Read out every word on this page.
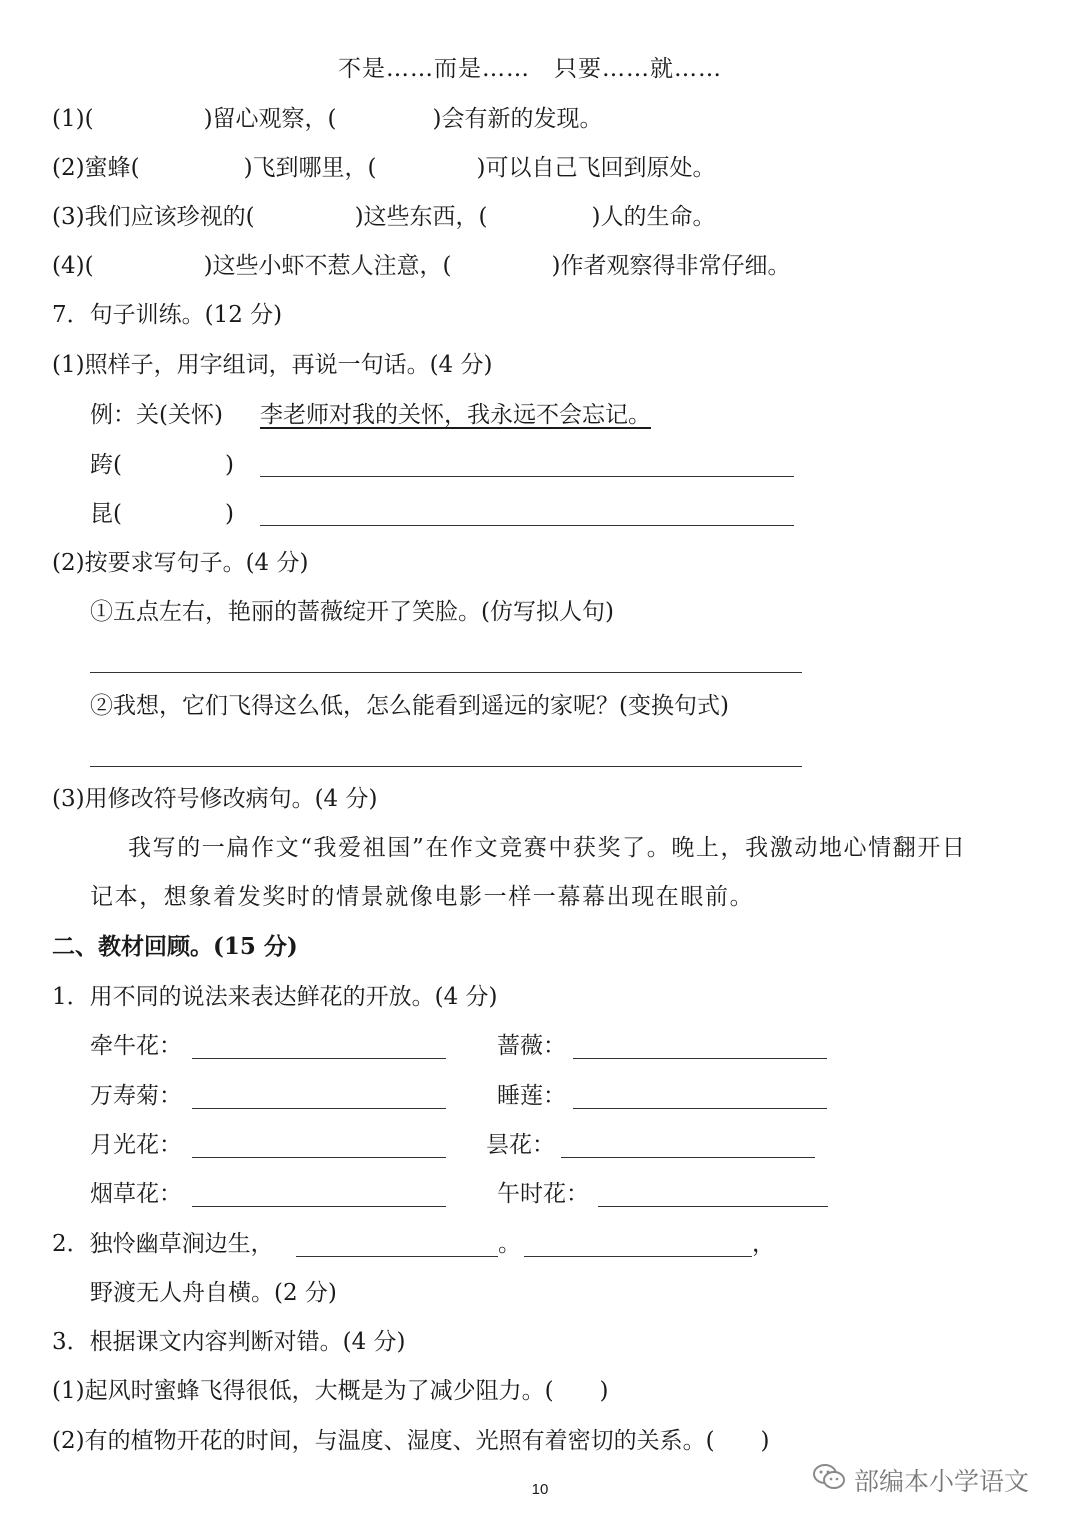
不是……而是……　只要……就……
(1)(	)留心观察，(	)会有新的发现。
(2)蜜蜂(	)飞到哪里，(	)可以自己飞回到原处。
(3)我们应该珍视的(	)这些东西，(	)人的生命。
(4)(	)这些小虾不惹人注意，(	)作者观察得非常仔细。
7．句子训练。(12 分)
(1)照样子，用字组词，再说一句话。(4 分)
例：关(关怀) 李老师对我的关怀，我永远不会忘记。
跨(	)
昆(	)
(2)按要求写句子。(4 分)
①五点左右，艳丽的蔷薇绽开了笑脸。(仿写拟人句)
②我想，它们飞得这么低，怎么能看到遥远的家呢？(变换句式)
(3)用修改符号修改病句。(4 分)
我写的一扁作文“我爱祖国”在作文竞赛中获奖了。晚上，我激动地心情翻开日
记本，想象着发奖时的情景就像电影一样一幕幕出现在眼前。
二、教材回顾。(15 分)
1．用不同的说法来表达鲜花的开放。(4 分)
牵牛花：	蔷薇：
万寿菊：	睡莲：
月光花：	昙花：
烟草花：	午时花：
2．独怜幽草涧边生，	。	，
野渡无人舟自横。(2 分)
3．根据课文内容判断对错。(4 分)
(1)起风时蜜蜂飞得很低，大概是为了减少阻力。(　　)
(2)有的植物开花的时间，与温度、湿度、光照有着密切的关系。(　　)
10	部编本小学语文
